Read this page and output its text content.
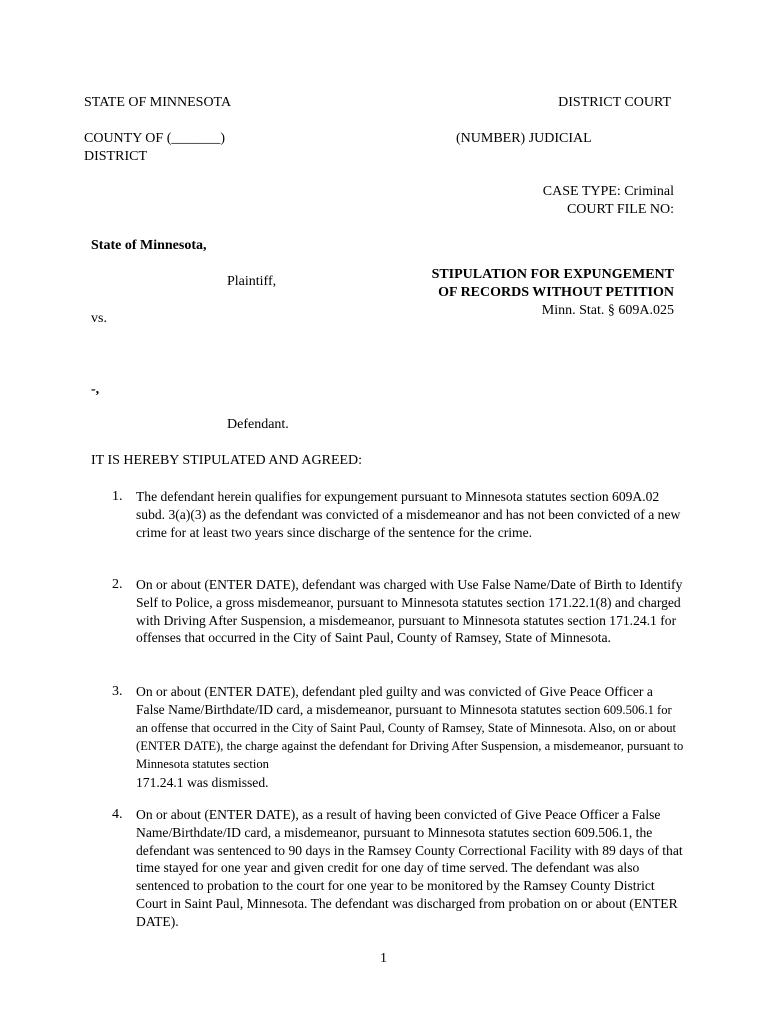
STATE OF MINNESOTA	DISTRICT COURT
COUNTY OF (_______)	(NUMBER) JUDICIAL
DISTRICT
CASE TYPE: Criminal
COURT FILE NO:
State of Minnesota,
Plaintiff,	STIPULATION FOR EXPUNGEMENT
OF RECORDS WITHOUT PETITION
Minn. Stat. § 609A.025
vs.
-,
Defendant.
IT IS HEREBY STIPULATED AND AGREED:
1. The defendant herein qualifies for expungement pursuant to Minnesota statutes section 609A.02 subd. 3(a)(3) as the defendant was convicted of a misdemeanor and has not been convicted of a new crime for at least two years since discharge of the sentence for the crime.
2. On or about (ENTER DATE), defendant was charged with Use False Name/Date of Birth to Identify Self to Police, a gross misdemeanor, pursuant to Minnesota statutes section 171.22.1(8) and charged with Driving After Suspension, a misdemeanor, pursuant to Minnesota statutes section 171.24.1 for offenses that occurred in the City of Saint Paul, County of Ramsey, State of Minnesota.
3. On or about (ENTER DATE), defendant pled guilty and was convicted of Give Peace Officer a False Name/Birthdate/ID card, a misdemeanor, pursuant to Minnesota statutes section 609.506.1 for an offense that occurred in the City of Saint Paul, County of Ramsey, State of Minnesota. Also, on or about (ENTER DATE), the charge against the defendant for Driving After Suspension, a misdemeanor, pursuant to Minnesota statutes section
171.24.1 was dismissed.
4. On or about (ENTER DATE), as a result of having been convicted of Give Peace Officer a False Name/Birthdate/ID card, a misdemeanor, pursuant to Minnesota statutes section 609.506.1, the defendant was sentenced to 90 days in the Ramsey County Correctional Facility with 89 days of that time stayed for one year and given credit for one day of time served. The defendant was also sentenced to probation to the court for one year to be monitored by the Ramsey County District Court in Saint Paul, Minnesota. The defendant was discharged from probation on or about (ENTER DATE).
1
